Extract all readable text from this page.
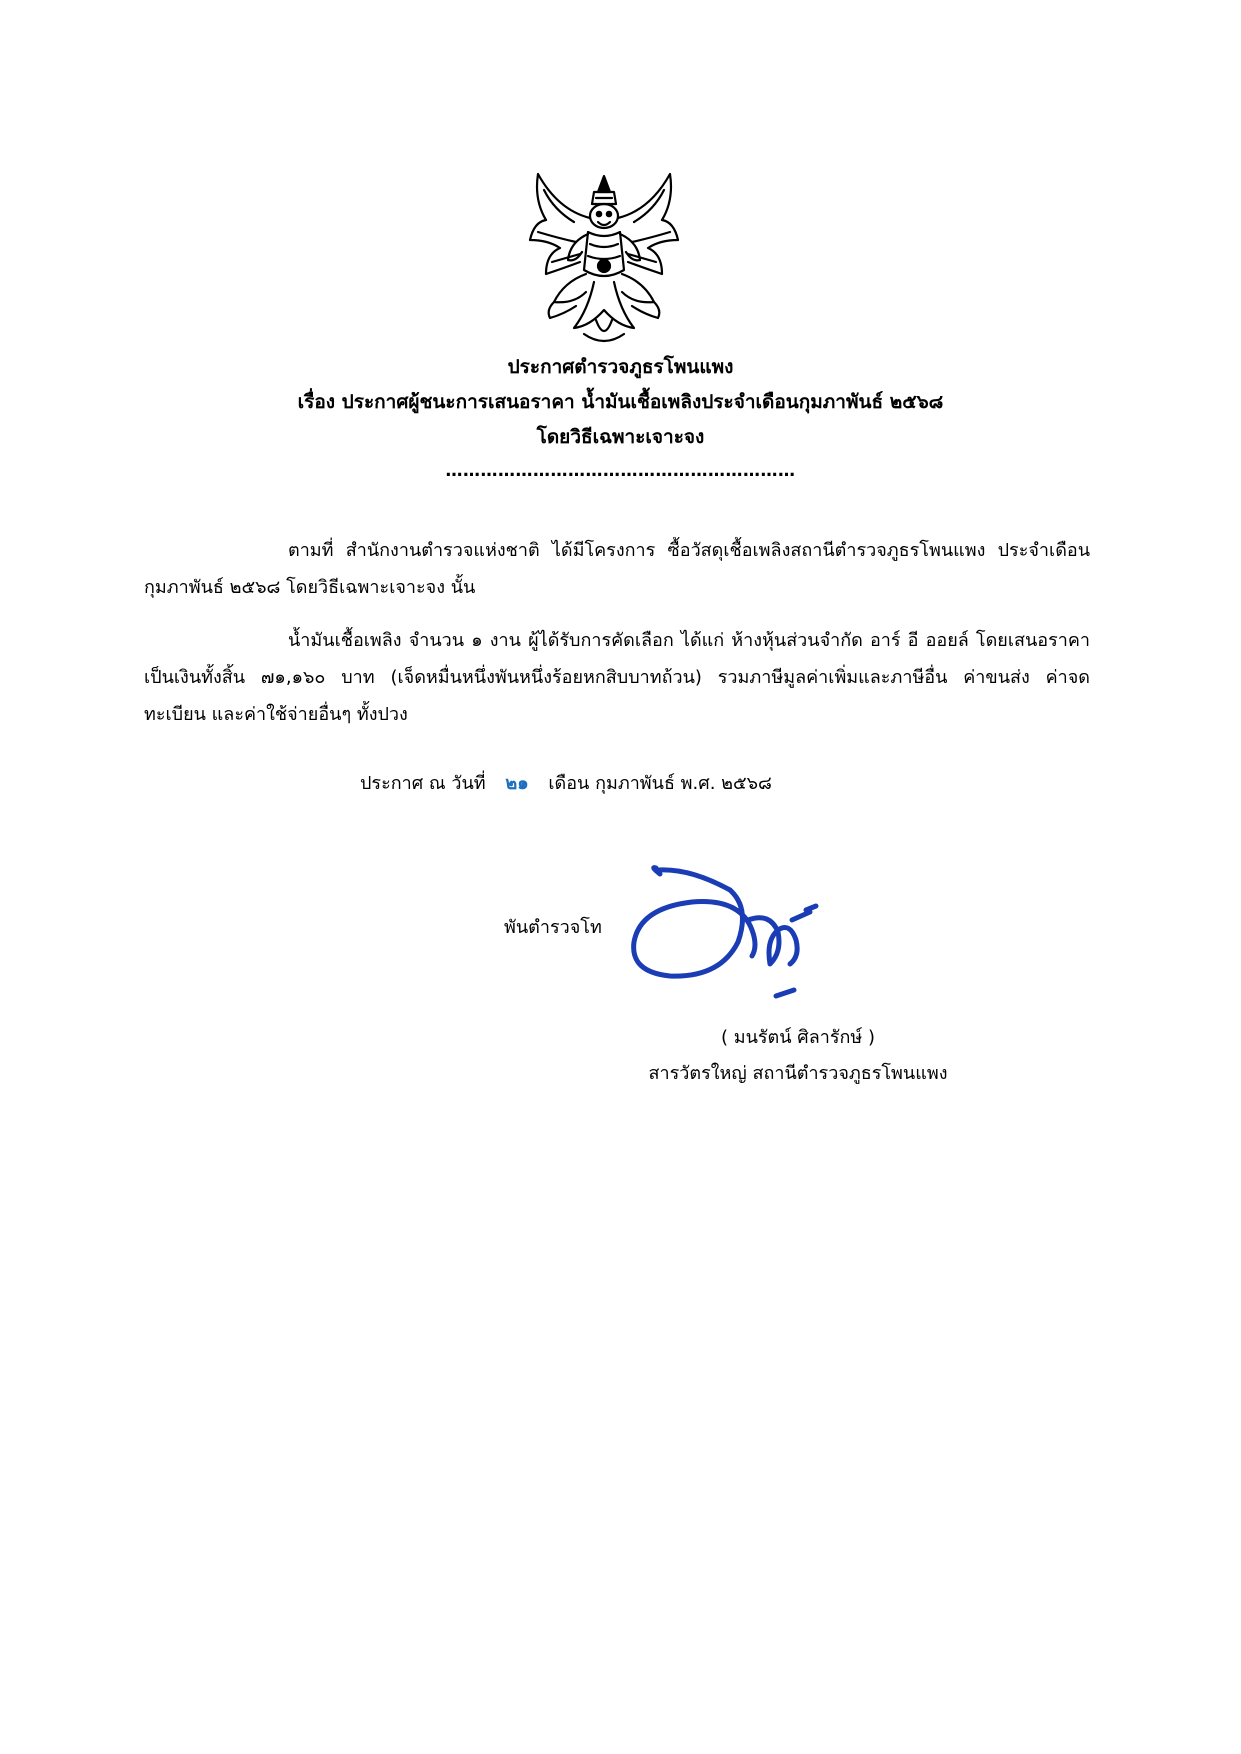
ประกาศตำรวจภูธรโพนแพง
เรื่อง ประกาศผู้ชนะการเสนอราคา น้ำมันเชื้อเพลิงประจำเดือนกุมภาพันธ์ ๒๕๖๘
โดยวิธีเฉพาะเจาะจง
……………………………………………………
ตามที่ สำนักงานตำรวจแห่งชาติ ได้มีโครงการ ซื้อวัสดุเชื้อเพลิงสถานีตำรวจภูธรโพนแพง ประจำเดือนกุมภาพันธ์ ๒๕๖๘ โดยวิธีเฉพาะเจาะจง นั้น
น้ำมันเชื้อเพลิง จำนวน ๑ งาน ผู้ได้รับการคัดเลือก ได้แก่ ห้างหุ้นส่วนจำกัด อาร์ อี ออยล์ โดยเสนอราคา เป็นเงินทั้งสิ้น ๗๑,๑๖๐ บาท (เจ็ดหมื่นหนึ่งพันหนึ่งร้อยหกสิบบาทถ้วน) รวมภาษีมูลค่าเพิ่มและภาษีอื่น ค่าขนส่ง ค่าจดทะเบียน และค่าใช้จ่ายอื่นๆ ทั้งปวง
ประกาศ ณ วันที่ ๒๑ เดือน กุมภาพันธ์ พ.ศ. ๒๕๖๘
พันตำรวจโท
( มนรัตน์ ศิลารักษ์ )
สารวัตรใหญ่ สถานีตำรวจภูธรโพนแพง
